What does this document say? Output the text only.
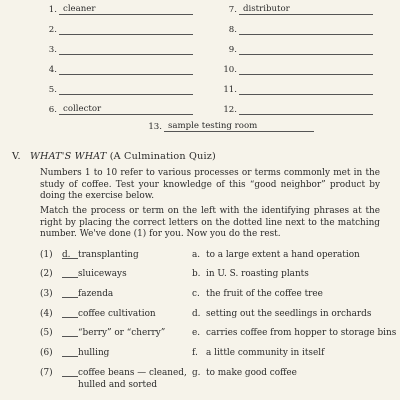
1. cleaner
2.
3.
4.
5.
6. collector
7. distributor
8.
9.
10.
11.
12.
13. sample testing room
V. WHAT'S WHAT (A Culmination Quiz)
Numbers 1 to 10 refer to various processes or terms commonly met in the study of coffee. Test your knowledge of this “good neighbor” product by doing the exercise below.
Match the process or term on the left with the identifying phrases at the right by placing the correct letters on the dotted line next to the matching number. We've done (1) for you. Now you do the rest.
(1) d. transplanting	a. to a large extent a hand operation
(2)	sluiceways	b. in U. S. roasting plants
(3)	fazenda	c. the fruit of the coffee tree
(4)	coffee cultivation	d. setting out the seedlings in orchards
(5)	“berry” or “cherry”	e. carries coffee from hopper to storage bins
(6)	hulling	f. a little community in itself
(7)	coffee beans — cleaned, g. to make good coffee
hulled and sorted
